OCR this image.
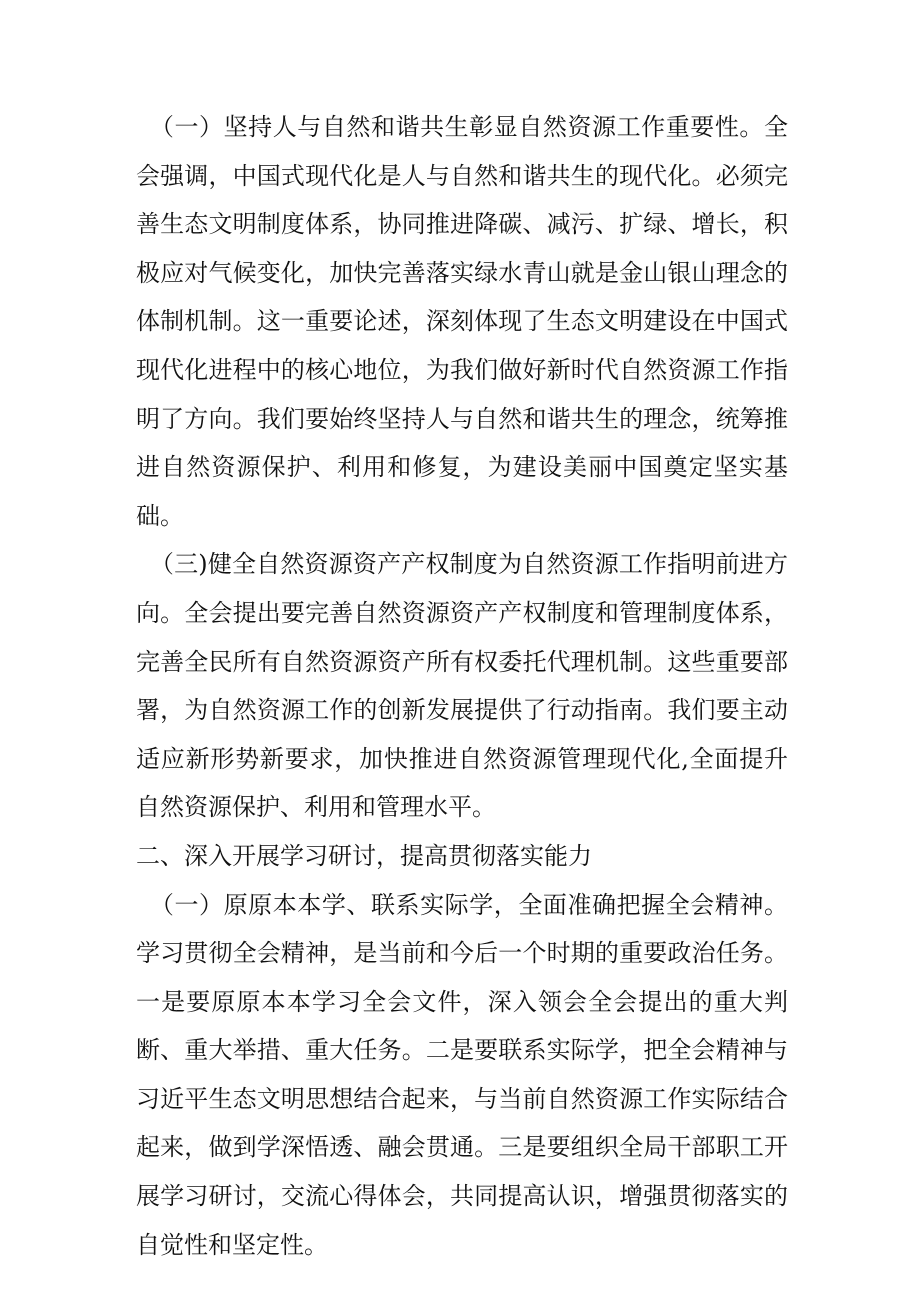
（一）坚持人与自然和谐共生彰显自然资源工作重要性。全会强调，中国式现代化是人与自然和谐共生的现代化。必须完善生态文明制度体系，协同推进降碳、减污、扩绿、增长，积极应对气候变化，加快完善落实绿水青山就是金山银山理念的体制机制。这一重要论述，深刻体现了生态文明建设在中国式现代化进程中的核心地位，为我们做好新时代自然资源工作指明了方向。我们要始终坚持人与自然和谐共生的理念，统筹推进自然资源保护、利用和修复，为建设美丽中国奠定坚实基础。

（三)健全自然资源资产产权制度为自然资源工作指明前进方向。全会提出要完善自然资源资产产权制度和管理制度体系，完善全民所有自然资源资产所有权委托代理机制。这些重要部署，为自然资源工作的创新发展提供了行动指南。我们要主动适应新形势新要求，加快推进自然资源管理现代化,全面提升自然资源保护、利用和管理水平。

二、深入开展学习研讨，提高贯彻落实能力

（一）原原本本学、联系实际学，全面准确把握全会精神。学习贯彻全会精神，是当前和今后一个时期的重要政治任务。一是要原原本本学习全会文件，深入领会全会提出的重大判断、重大举措、重大任务。二是要联系实际学，把全会精神与习近平生态文明思想结合起来，与当前自然资源工作实际结合起来，做到学深悟透、融会贯通。三是要组织全局干部职工开展学习研讨，交流心得体会，共同提高认识，增强贯彻落实的自觉性和坚定性。
